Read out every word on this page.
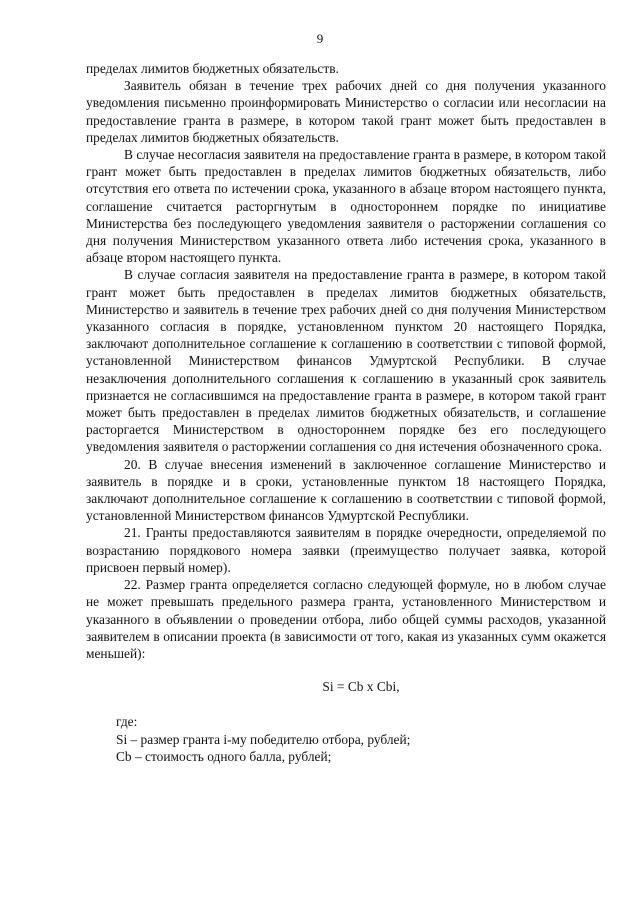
9

пределах лимитов бюджетных обязательств.

Заявитель обязан в течение трех рабочих дней со дня получения указанного уведомления письменно проинформировать Министерство о согласии или несогласии на предоставление гранта в размере, в котором такой грант может быть предоставлен в пределах лимитов бюджетных обязательств.

В случае несогласия заявителя на предоставление гранта в размере, в котором такой грант может быть предоставлен в пределах лимитов бюджетных обязательств, либо отсутствия его ответа по истечении срока, указанного в абзаце втором настоящего пункта, соглашение считается расторгнутым в одностороннем порядке по инициативе Министерства без последующего уведомления заявителя о расторжении соглашения со дня получения Министерством указанного ответа либо истечения срока, указанного в абзаце втором настоящего пункта.

В случае согласия заявителя на предоставление гранта в размере, в котором такой грант может быть предоставлен в пределах лимитов бюджетных обязательств, Министерство и заявитель в течение трех рабочих дней со дня получения Министерством указанного согласия в порядке, установленном пунктом 20 настоящего Порядка, заключают дополнительное соглашение к соглашению в соответствии с типовой формой, установленной Министерством финансов Удмуртской Республики. В случае незаключения дополнительного соглашения к соглашению в указанный срок заявитель признается не согласившимся на предоставление гранта в размере, в котором такой грант может быть предоставлен в пределах лимитов бюджетных обязательств, и соглашение расторгается Министерством в одностороннем порядке без его последующего уведомления заявителя о расторжении соглашения со дня истечения обозначенного срока.

20. В случае внесения изменений в заключенное соглашение Министерство и заявитель в порядке и в сроки, установленные пунктом 18 настоящего Порядка, заключают дополнительное соглашение к соглашению в соответствии с типовой формой, установленной Министерством финансов Удмуртской Республики.

21. Гранты предоставляются заявителям в порядке очередности, определяемой по возрастанию порядкового номера заявки (преимущество получает заявка, которой присвоен первый номер).

22. Размер гранта определяется согласно следующей формуле, но в любом случае не может превышать предельного размера гранта, установленного Министерством и указанного в объявлении о проведении отбора, либо общей суммы расходов, указанной заявителем в описании проекта (в зависимости от того, какая из указанных сумм окажется меньшей):

Si = Cb x Cbi,
где:
Si – размер гранта i-му победителю отбора, рублей;
Cb – стоимость одного балла, рублей;
